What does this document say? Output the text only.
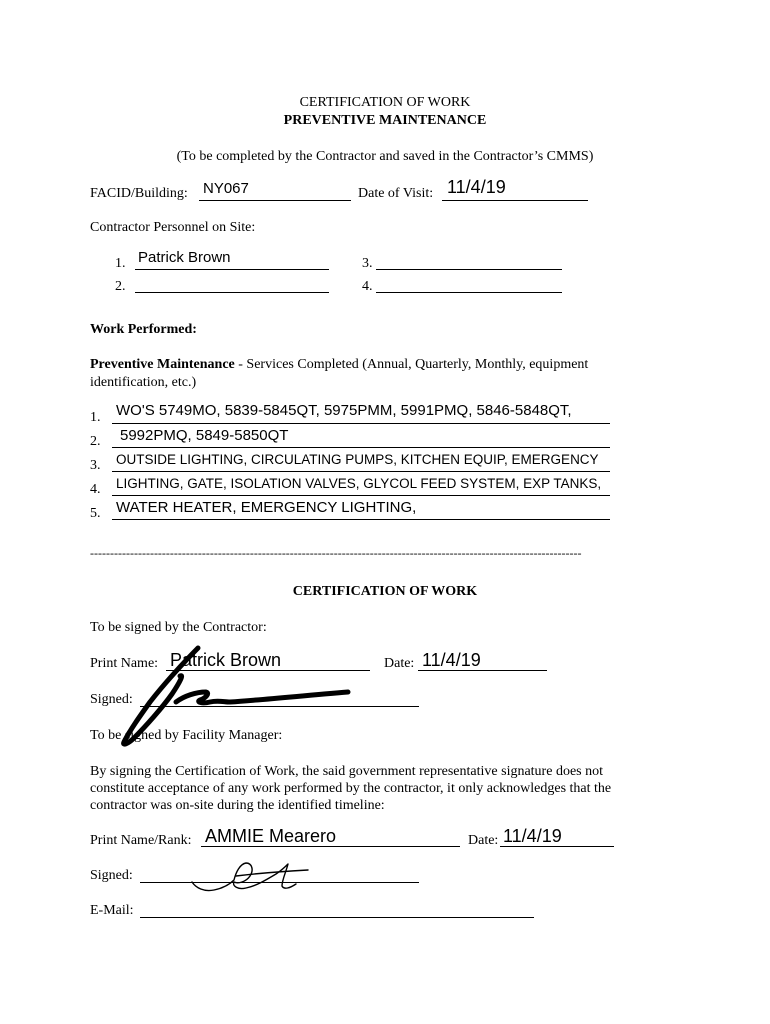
CERTIFICATION OF WORK
PREVENTIVE MAINTENANCE
(To be completed by the Contractor and saved in the Contractor’s CMMS)
FACID/Building: NY067	Date of Visit: 11/4/19
Contractor Personnel on Site:
1. Patrick Brown
2.
3.
4.
Work Performed:
Preventive Maintenance - Services Completed (Annual, Quarterly, Monthly, equipment
identification, etc.)
1. WO'S 5749MO, 5839-5845QT, 5975PMM, 5991PMQ, 5846-5848QT,
2. 5992PMQ, 5849-5850QT
3. OUTSIDE LIGHTING, CIRCULATING PUMPS, KITCHEN EQUIP, EMERGENCY
4. LIGHTING, GATE, ISOLATION VALVES, GLYCOL FEED SYSTEM, EXP TANKS,
5. WATER HEATER, EMERGENCY LIGHTING,
---------------------------------------------------------------------------------------------------------------------------
CERTIFICATION OF WORK
To be signed by the Contractor:
Print Name: Patrick Brown	Date: 11/4/19
Signed:
To be signed by Facility Manager:
By signing the Certification of Work, the said government representative signature does not
constitute acceptance of any work performed by the contractor, it only acknowledges that the
contractor was on-site during the identified timeline:
Print Name/Rank: AMMIE Mearero	Date: 11/4/19
Signed:
E-Mail:
